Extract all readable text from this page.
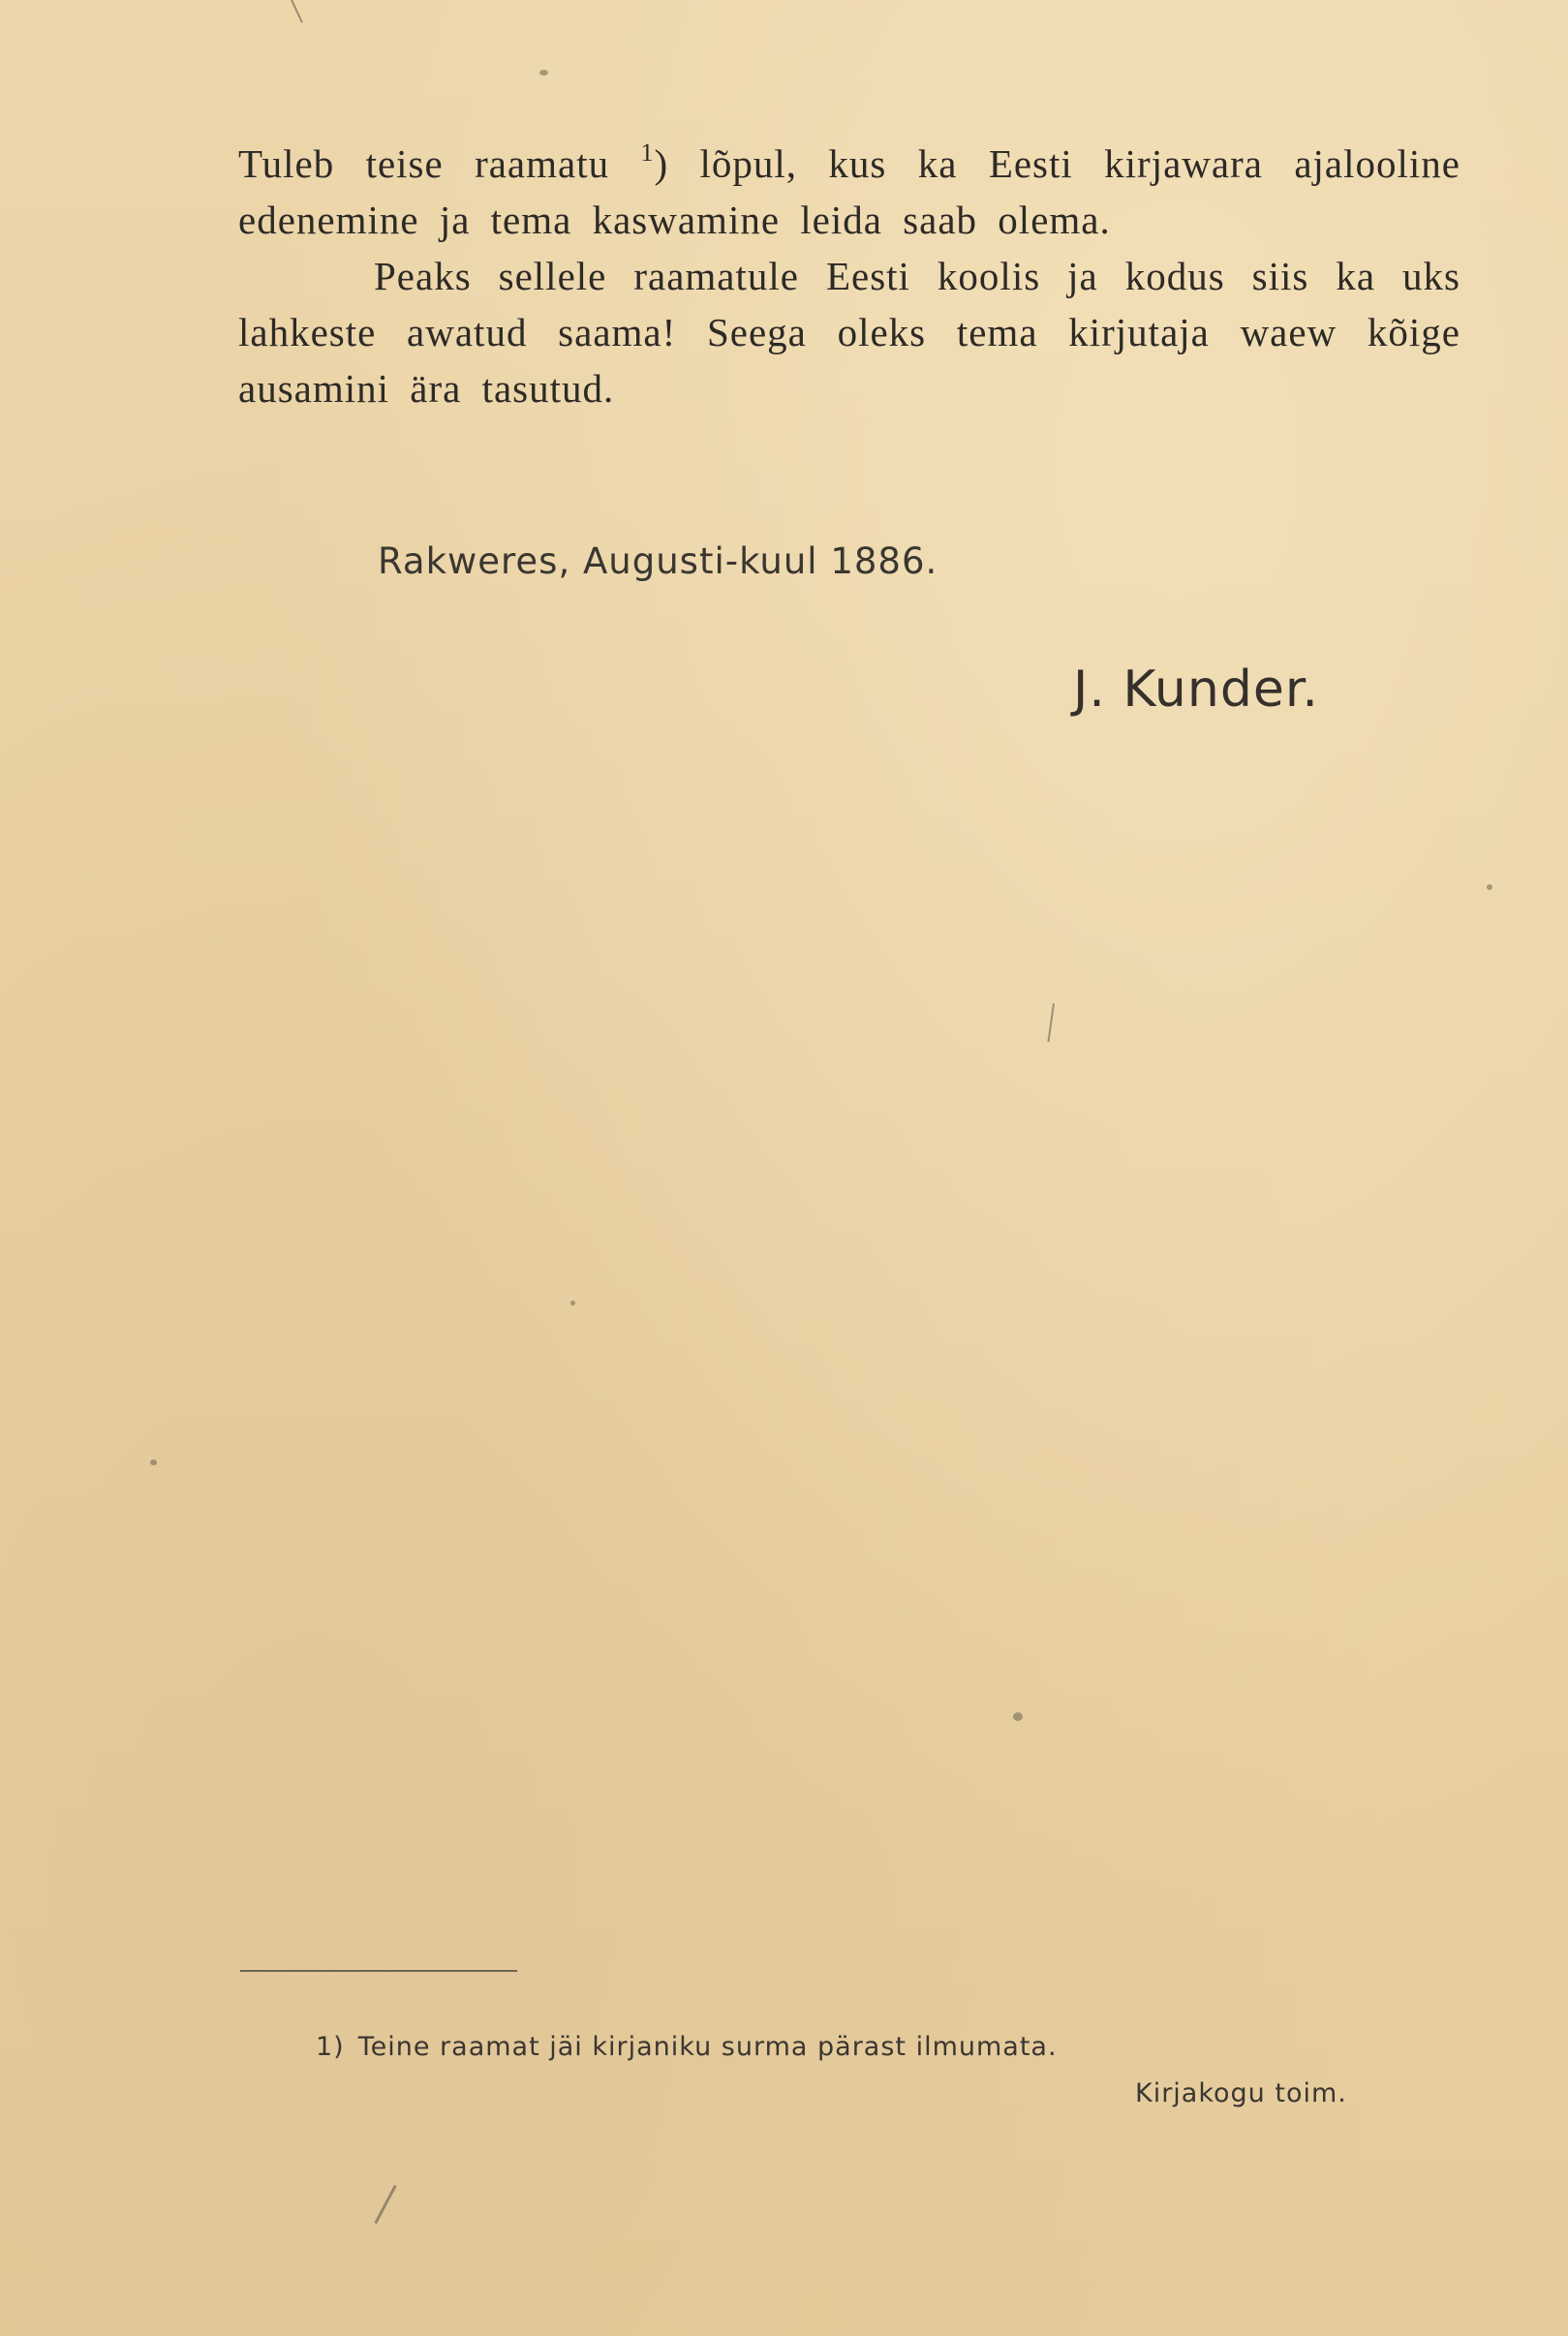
Tuleb teise raamatu $^1$) lõpul, kus ka Eesti kirjawara ajalooline edenemine ja tema kaswamine leida saab olema.

Peaks sellele raamatule Eesti koolis ja kodus siis ka uks lahkeste awatud saama! Seega oleks tema kirjutaja waew kõige ausamini ära tasutud.

Rakweres, Augusti-kuul 1886.
J. Kunder.
1) Teine raamat jäi kirjaniku surma pärast ilmumata.
Kirjakogu toim.
